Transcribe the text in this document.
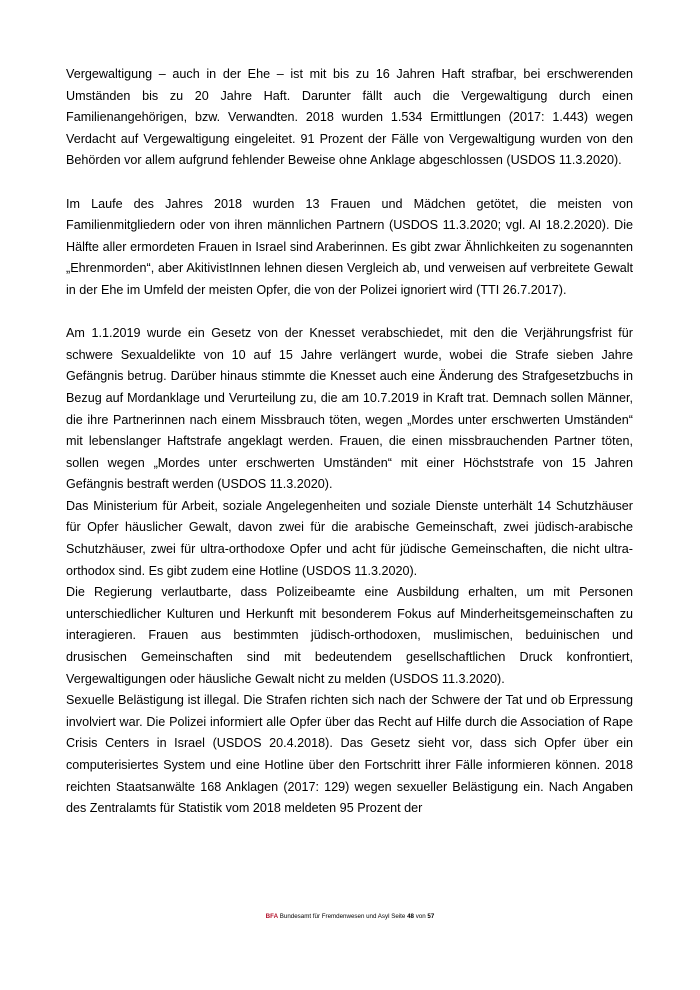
Vergewaltigung – auch in der Ehe – ist mit bis zu 16 Jahren Haft strafbar, bei erschwerenden Umständen bis zu 20 Jahre Haft. Darunter fällt auch die Vergewaltigung durch einen Familienangehörigen, bzw. Verwandten. 2018 wurden 1.534 Ermittlungen (2017: 1.443) wegen Verdacht auf Vergewaltigung eingeleitet. 91 Prozent der Fälle von Vergewaltigung wurden von den Behörden vor allem aufgrund fehlender Beweise ohne Anklage abgeschlossen (USDOS 11.3.2020).

Im Laufe des Jahres 2018 wurden 13 Frauen und Mädchen getötet, die meisten von Familienmitgliedern oder von ihren männlichen Partnern (USDOS 11.3.2020; vgl. AI 18.2.2020). Die Hälfte aller ermordeten Frauen in Israel sind Araberinnen. Es gibt zwar Ähnlichkeiten zu sogenannten „Ehrenmorden“, aber AkitivistInnen lehnen diesen Vergleich ab, und verweisen auf verbreitete Gewalt in der Ehe im Umfeld der meisten Opfer, die von der Polizei ignoriert wird (TTI 26.7.2017).

Am 1.1.2019 wurde ein Gesetz von der Knesset verabschiedet, mit den die Verjährungsfrist für schwere Sexualdelikte von 10 auf 15 Jahre verlängert wurde, wobei die Strafe sieben Jahre Gefängnis betrug. Darüber hinaus stimmte die Knesset auch eine Änderung des Strafgesetzbuchs in Bezug auf Mordanklage und Verurteilung zu, die am 10.7.2019 in Kraft trat. Demnach sollen Männer, die ihre Partnerinnen nach einem Missbrauch töten, wegen „Mordes unter erschwerten Umständen“ mit lebenslanger Haftstrafe angeklagt werden. Frauen, die einen missbrauchenden Partner töten, sollen wegen „Mordes unter erschwerten Umständen“ mit einer Höchststrafe von 15 Jahren Gefängnis bestraft werden (USDOS 11.3.2020).

Das Ministerium für Arbeit, soziale Angelegenheiten und soziale Dienste unterhält 14 Schutzhäuser für Opfer häuslicher Gewalt, davon zwei für die arabische Gemeinschaft, zwei jüdisch-arabische Schutzhäuser, zwei für ultra-orthodoxe Opfer und acht für jüdische Gemeinschaften, die nicht ultra-orthodox sind. Es gibt zudem eine Hotline (USDOS 11.3.2020).

Die Regierung verlautbarte, dass Polizeibeamte eine Ausbildung erhalten, um mit Personen unterschiedlicher Kulturen und Herkunft mit besonderem Fokus auf Minderheitsgemeinschaften zu interagieren. Frauen aus bestimmten jüdisch-orthodoxen, muslimischen, beduinischen und drusischen Gemeinschaften sind mit bedeutendem gesellschaftlichen Druck konfrontiert, Vergewaltigungen oder häusliche Gewalt nicht zu melden (USDOS 11.3.2020).

Sexuelle Belästigung ist illegal. Die Strafen richten sich nach der Schwere der Tat und ob Erpressung involviert war. Die Polizei informiert alle Opfer über das Recht auf Hilfe durch die Association of Rape Crisis Centers in Israel (USDOS 20.4.2018). Das Gesetz sieht vor, dass sich Opfer über ein computerisiertes System und eine Hotline über den Fortschritt ihrer Fälle informieren können. 2018 reichten Staatsanwälte 168 Anklagen (2017: 129) wegen sexueller Belästigung ein. Nach Angaben des Zentralamts für Statistik vom 2018 meldeten 95 Prozent der

BFA Bundesamt für Fremdenwesen und Asyl Seite 48 von 57
